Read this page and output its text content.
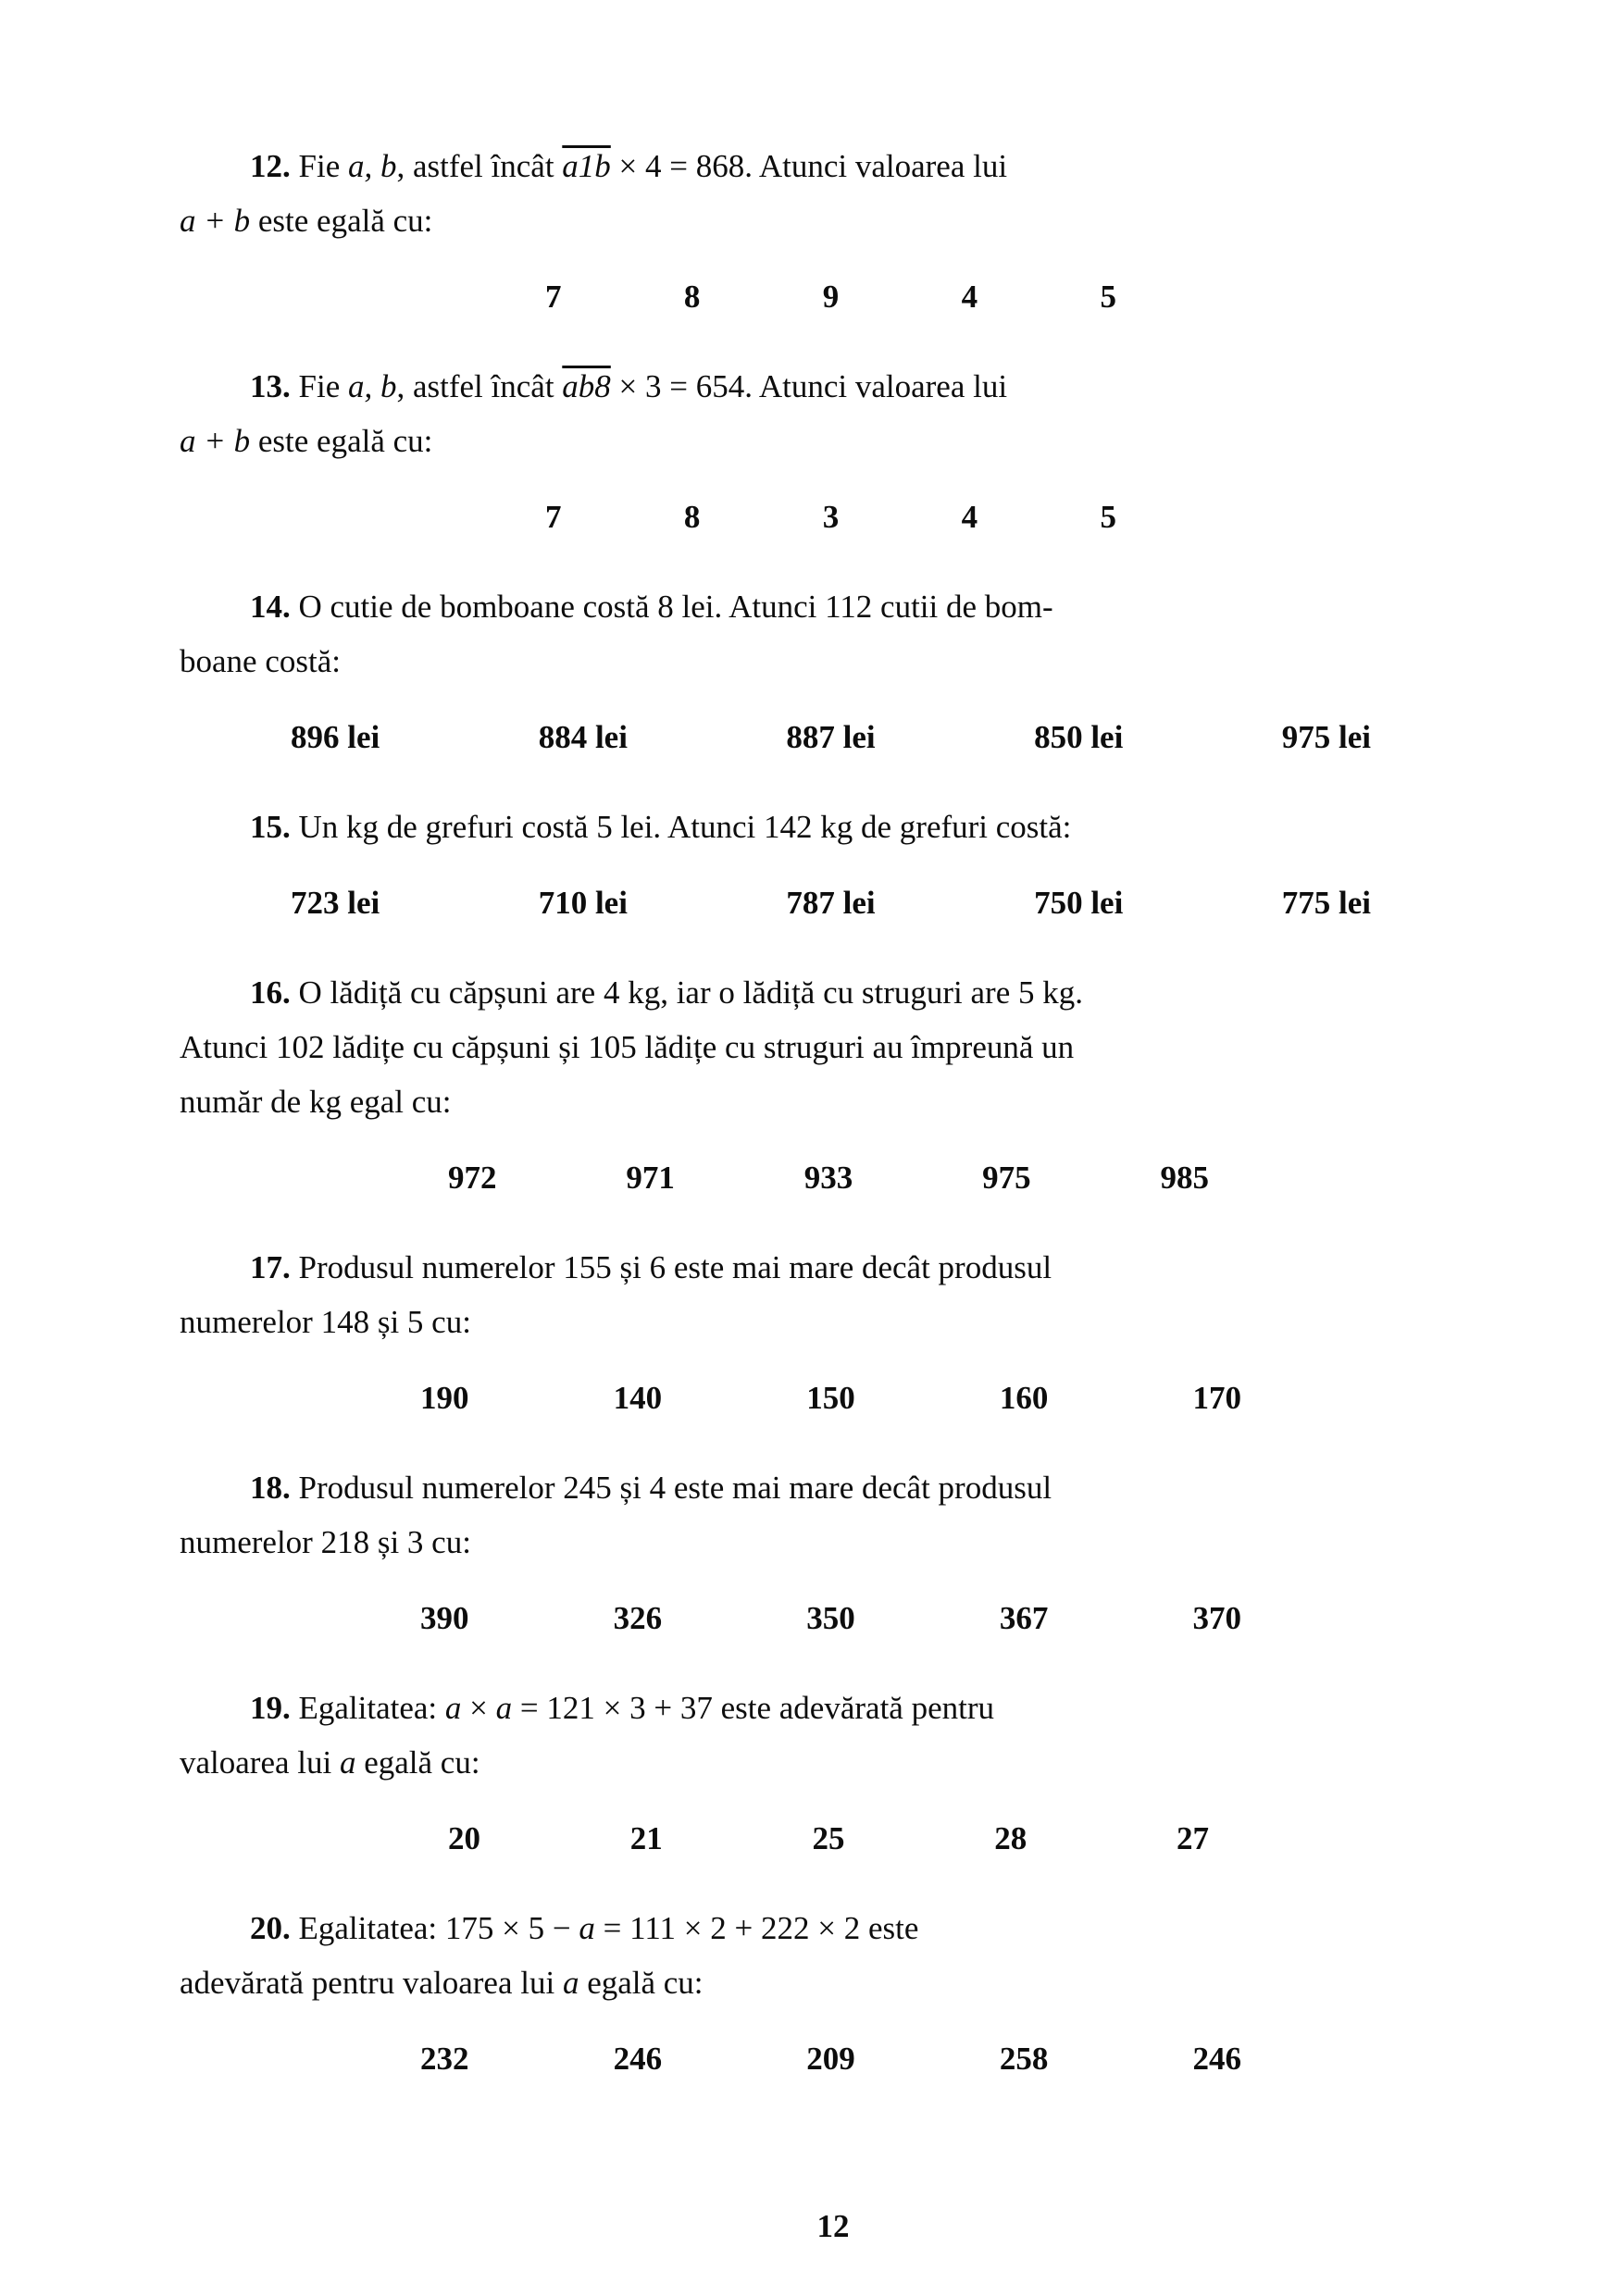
12. Fie a, b, astfel încât a1b × 4 = 868. Atunci valoarea lui
a + b este egală cu:

7	8	9	4	5

13. Fie a, b, astfel încât ab8 × 3 = 654. Atunci valoarea lui
a + b este egală cu:

7	8	3	4	5

14. O cutie de bomboane costă 8 lei. Atunci 112 cutii de bom-
boane costă:

896 lei	884 lei	887 lei	850 lei	975 lei

15. Un kg de grefuri costă 5 lei. Atunci 142 kg de grefuri costă:

723 lei	710 lei	787 lei	750 lei	775 lei

16. O lădiță cu căpșuni are 4 kg, iar o lădiță cu struguri are 5 kg.
Atunci 102 lădițe cu căpșuni și 105 lădițe cu struguri au împreună un
număr de kg egal cu:

972	971	933	975	985

17. Produsul numerelor 155 și 6 este mai mare decât produsul
numerelor 148 și 5 cu:

190	140	150	160	170

18. Produsul numerelor 245 și 4 este mai mare decât produsul
numerelor 218 și 3 cu:

390	326	350	367	370

19. Egalitatea: a × a = 121 × 3 + 37 este adevărată pentru
valoarea lui a egală cu:

20	21	25	28	27

20. Egalitatea: 175 × 5 − a = 111 × 2 + 222 × 2 este
adevărată pentru valoarea lui a egală cu:

232	246	209	258	246
12
